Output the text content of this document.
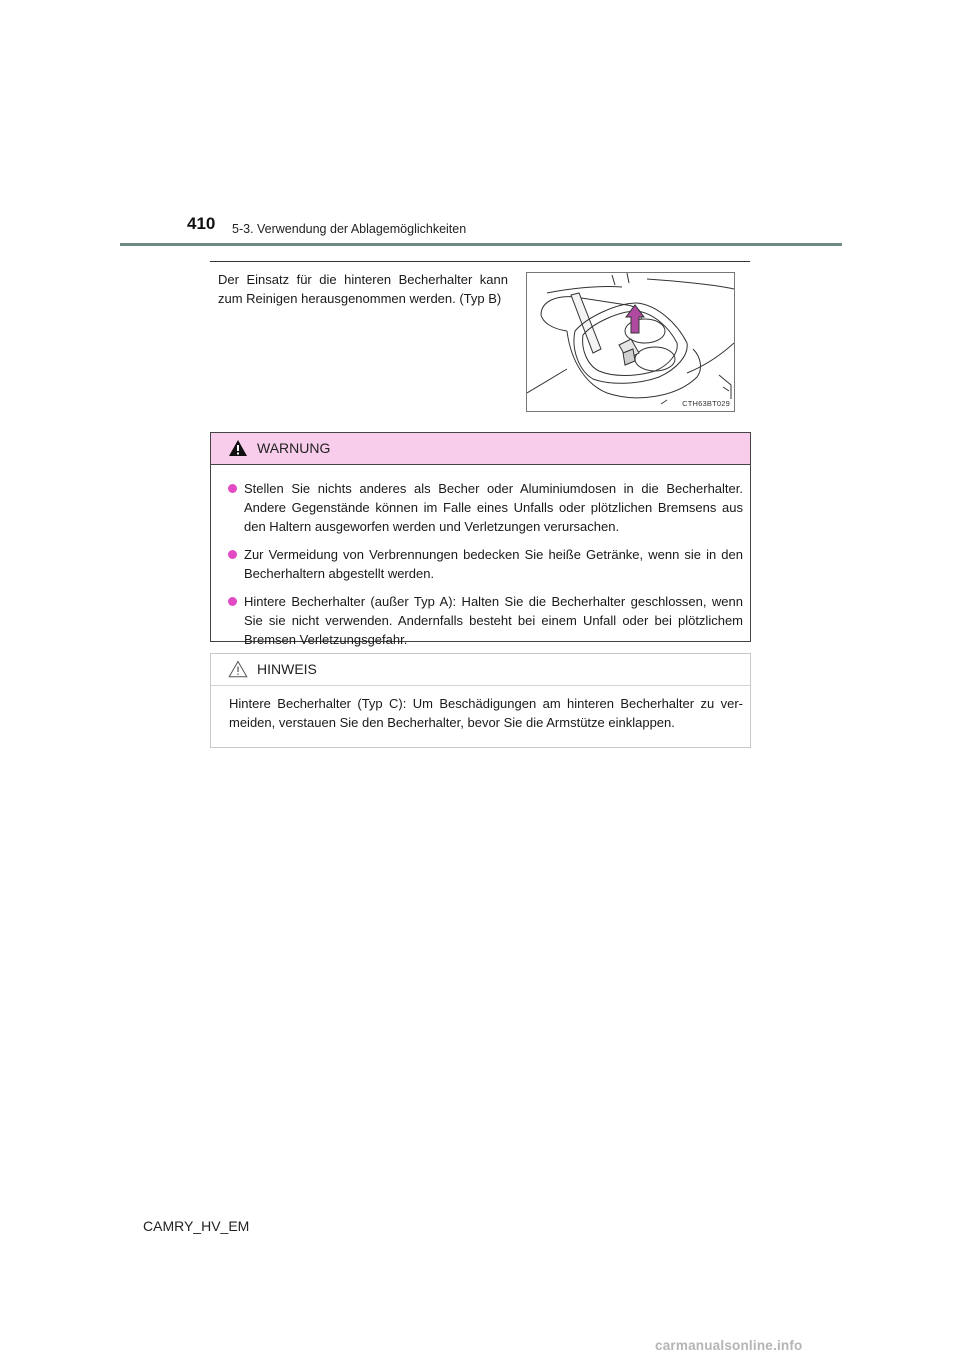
410 5-3. Verwendung der Ablagemöglichkeiten
Der Einsatz für die hinteren Becherhalter kann zum Reinigen herausgenommen werden. (Typ B)
CTH63BT029
WARNUNG
Stellen Sie nichts anderes als Becher oder Aluminiumdosen in die Becherhalter. Andere Gegenstände können im Falle eines Unfalls oder plötzlichen Bremsens aus den Haltern ausgeworfen werden und Verletzungen verursachen.
Zur Vermeidung von Verbrennungen bedecken Sie heiße Getränke, wenn sie in den Becherhaltern abgestellt werden.
Hintere Becherhalter (außer Typ A): Halten Sie die Becherhalter geschlossen, wenn Sie sie nicht verwenden. Andernfalls besteht bei einem Unfall oder bei plötzlichem Bremsen Verletzungsgefahr.
HINWEIS
Hintere Becherhalter (Typ C): Um Beschädigungen am hinteren Becherhalter zu vermeiden, verstauen Sie den Becherhalter, bevor Sie die Armstütze einklappen.
CAMRY_HV_EM
carmanualsonline.info
